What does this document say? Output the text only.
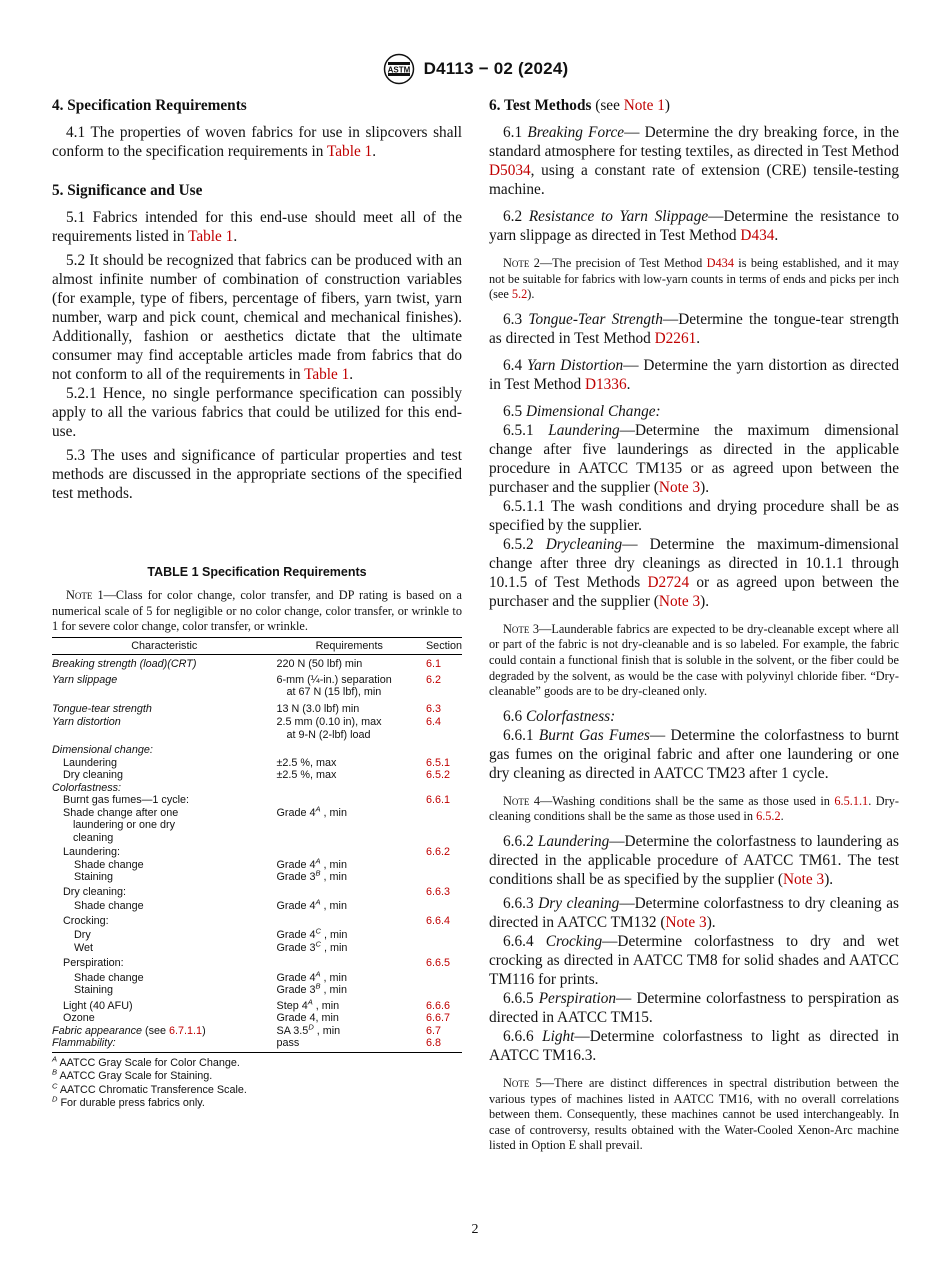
ASTM D4113 − 02 (2024)
4. Specification Requirements

4.1 The properties of woven fabrics for use in slipcovers shall conform to the specification requirements in Table 1.

5. Significance and Use

5.1 Fabrics intended for this end-use should meet all of the requirements listed in Table 1.

5.2 It should be recognized that fabrics can be produced with an almost infinite number of combination of construction variables (for example, type of fibers, percentage of fibers, yarn twist, yarn number, warp and pick count, chemical and mechanical finishes). Additionally, fashion or aesthetics dictate that the ultimate consumer may find acceptable articles made from fabrics that do not conform to all of the requirements in Table 1.

5.2.1 Hence, no single performance specification can possibly apply to all the various fabrics that could be utilized for this end-use.

5.3 The uses and significance of particular properties and test methods are discussed in the appropriate sections of the specified test methods.

TABLE 1 Specification Requirements

Note 1—Class for color change, color transfer, and DP rating is based on a numerical scale of 5 for negligible or no color change, color transfer, or wrinkle to 1 for severe color change, color transfer, or wrinkle.

Characteristic	Requirements	Section
Breaking strength (load)(CRT)	220 N (50 lbf) min	6.1
Yarn slippage	6-mm (¼-in.) separation at 67 N (15 lbf), min	6.2
Tongue-tear strength	13 N (3.0 lbf) min	6.3
Yarn distortion	2.5 mm (0.10 in), max at 9-N (2-lbf) load	6.4
Dimensional change:		
Laundering	±2.5 %, max	6.5.1
Dry cleaning	±2.5 %, max	6.5.2
Colorfastness:		
Burnt gas fumes—1 cycle:		6.6.1

Shade change after one laundering or one dry cleaning	Grade $4^A$ , min	
Laundering:		6.6.2
Shade change	Grade $4^A$ , min	
Staining	Grade $3^B$ , min	
Dry cleaning:		6.6.3
Shade change	Grade $4^A$ , min	
Crocking:		6.6.4
Dry	Grade $4^C$ , min	
Wet	Grade $3^C$ , min	
Perspiration:		6.6.5
Shade change	Grade $4^A$ , min	
Staining	Grade $3^B$ , min	
Light (40 AFU)	Step $4^A$ , min	6.6.6
Ozone	Grade 4, min	6.6.7
Fabric appearance (see 6.7.1.1)	SA $3.5^D$ , min	6.7
Flammability:	pass	6.8

$^A$ AATCC Gray Scale for Color Change.

$^B$ AATCC Gray Scale for Staining.

$^C$ AATCC Chromatic Transference Scale.

$^D$ For durable press fabrics only.

6. Test Methods (see Note 1)

6.1 Breaking Force— Determine the dry breaking force, in the standard atmosphere for testing textiles, as directed in Test Method D5034, using a constant rate of extension (CRE) tensile-testing machine.

6.2 Resistance to Yarn Slippage—Determine the resistance to yarn slippage as directed in Test Method D434.

Note 2—The precision of Test Method D434 is being established, and it may not be suitable for fabrics with low-yarn counts in terms of ends and picks per inch (see 5.2).

6.3 Tongue-Tear Strength—Determine the tongue-tear strength as directed in Test Method D2261.

6.4 Yarn Distortion— Determine the yarn distortion as directed in Test Method D1336.

6.5 Dimensional Change:

6.5.1 Laundering—Determine the maximum dimensional change after five launderings as directed in the applicable procedure in AATCC TM135 or as agreed upon between the purchaser and the supplier (Note 3).

6.5.1.1 The wash conditions and drying procedure shall be as specified by the supplier.

6.5.2 Drycleaning— Determine the maximum-dimensional change after three dry cleanings as directed in 10.1.1 through 10.1.5 of Test Methods D2724 or as agreed upon between the purchaser and the supplier (Note 3).

Note 3—Launderable fabrics are expected to be dry-cleanable except where all or part of the fabric is not dry-cleanable and is so labeled. For example, the fabric could contain a functional finish that is soluble in the solvent, or the fiber could be degraded by the solvent, as would be the case with polyvinyl chloride fiber. “Dry-cleanable” goods are to be dry-cleaned only.

6.6 Colorfastness:

6.6.1 Burnt Gas Fumes— Determine the colorfastness to burnt gas fumes on the original fabric and after one laundering or one dry cleaning as directed in AATCC TM23 after 1 cycle.

Note 4—Washing conditions shall be the same as those used in 6.5.1.1. Dry-cleaning conditions shall be the same as those used in 6.5.2.

6.6.2 Laundering—Determine the colorfastness to laundering as directed in the applicable procedure of AATCC TM61. The test conditions shall be as specified by the supplier (Note 3).

6.6.3 Dry cleaning—Determine colorfastness to dry cleaning as directed in AATCC TM132 (Note 3).

6.6.4 Crocking—Determine colorfastness to dry and wet crocking as directed in AATCC TM8 for solid shades and AATCC TM116 for prints.

6.6.5 Perspiration— Determine colorfastness to perspiration as directed in AATCC TM15.

6.6.6 Light—Determine colorfastness to light as directed in AATCC TM16.3.

Note 5—There are distinct differences in spectral distribution between the various types of machines listed in AATCC TM16, with no overall correlations between them. Consequently, these machines cannot be used interchangeably. In case of controversy, results obtained with the Water-Cooled Xenon-Arc machine listed in Option E shall prevail.

2
